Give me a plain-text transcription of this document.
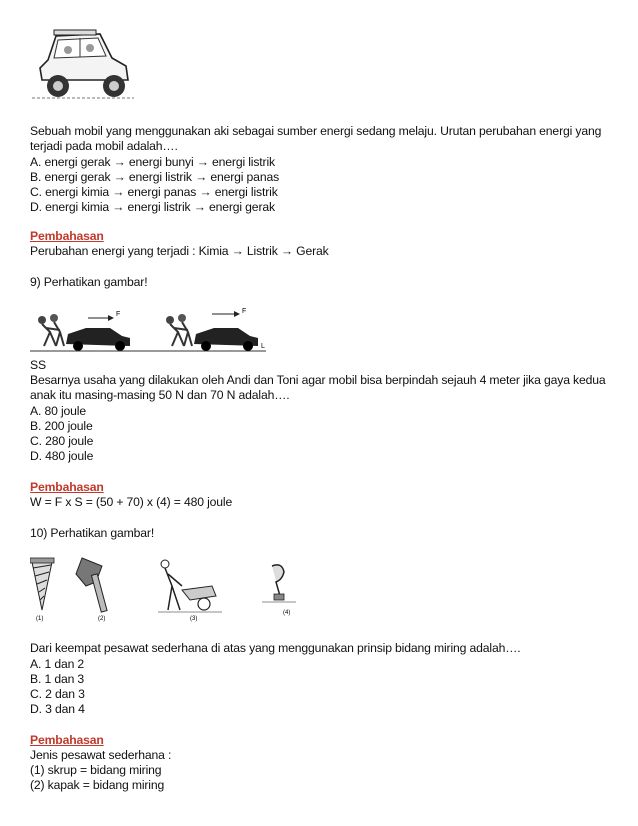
Sebuah mobil yang menggunakan aki sebagai sumber energi sedang melaju. Urutan perubahan energi yang terjadi pada mobil adalah….
A. energi gerak → energi bunyi → energi listrik
B. energi gerak → energi listrik → energi panas
C. energi kimia → energi panas → energi listrik
D. energi kimia → energi listrik → energi gerak
Pembahasan
Perubahan energi yang terjadi : Kimia → Listrik → Gerak
9) Perhatikan gambar!
F	F
L
SS
Besarnya usaha yang dilakukan oleh Andi dan Toni agar mobil bisa berpindah sejauh 4 meter jika gaya kedua anak itu masing-masing 50 N dan 70 N adalah….
A. 80 joule
B. 200 joule
C. 280 joule
D. 480 joule
Pembahasan
W = F x S = (50 + 70) x (4) = 480 joule
10) Perhatikan gambar!
(1)	(2)	(3)
(4)
Dari keempat pesawat sederhana di atas yang menggunakan prinsip bidang miring adalah….
A. 1 dan 2
B. 1 dan 3
C. 2 dan 3
D. 3 dan 4
Pembahasan
Jenis pesawat sederhana :
(1) skrup = bidang miring
(2) kapak = bidang miring
